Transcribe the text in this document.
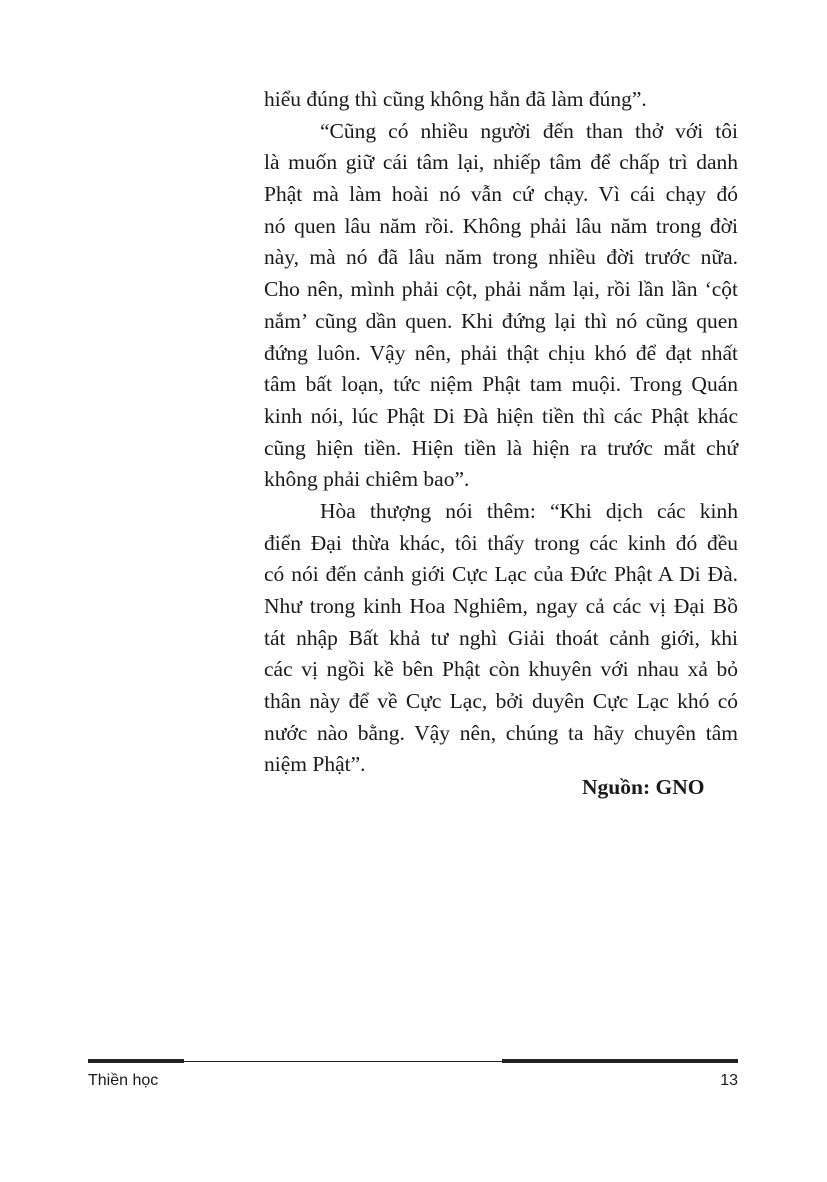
hiểu đúng thì cũng không hẳn đã làm đúng”.
“Cũng có nhiều người đến than thở với tôi
là muốn giữ cái tâm lại, nhiếp tâm để chấp trì danh
Phật mà làm hoài nó vẫn cứ chạy. Vì cái chạy đó
nó quen lâu năm rồi. Không phải lâu năm trong đời
này, mà nó đã lâu năm trong nhiều đời trước nữa.
Cho nên, mình phải cột, phải nắm lại, rồi lần lần ‘cột
nắm’ cũng dần quen. Khi đứng lại thì nó cũng quen
đứng luôn. Vậy nên, phải thật chịu khó để đạt nhất
tâm bất loạn, tức niệm Phật tam muội. Trong Quán
kinh nói, lúc Phật Di Đà hiện tiền thì các Phật khác
cũng hiện tiền. Hiện tiền là hiện ra trước mắt chứ
không phải chiêm bao”.
Hòa thượng nói thêm: “Khi dịch các kinh
điển Đại thừa khác, tôi thấy trong các kinh đó đều
có nói đến cảnh giới Cực Lạc của Đức Phật A Di Đà.
Như trong kinh Hoa Nghiêm, ngay cả các vị Đại Bồ
tát nhập Bất khả tư nghì Giải thoát cảnh giới, khi
các vị ngồi kề bên Phật còn khuyên với nhau xả bỏ
thân này để về Cực Lạc, bởi duyên Cực Lạc khó có
nước nào bằng. Vậy nên, chúng ta hãy chuyên tâm
niệm Phật”.
Nguồn: GNO
Thiền học	13
